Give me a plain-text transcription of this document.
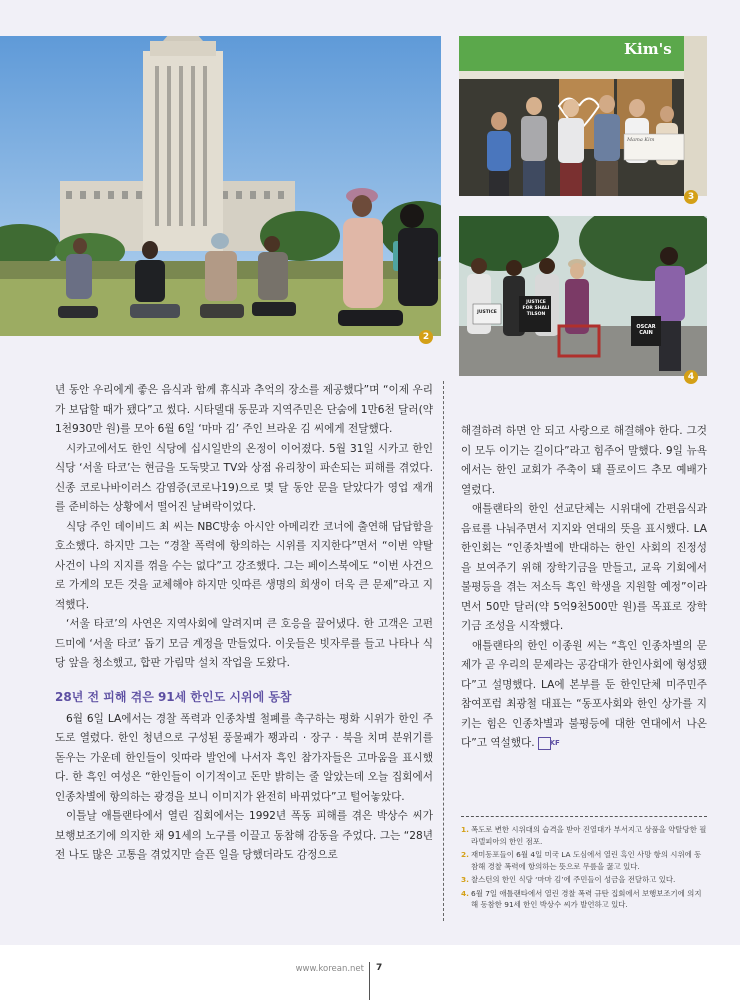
2
Kim's
Mama Kim
3
JUSTICE FOR SHALI TILSON
OSCAR CAIN
JUSTICE
4

년 동안 우리에게 좋은 음식과 함께 휴식과 추억의 장소를 제공했다”며 “이제 우리가 보답할 때가 됐다”고 썼다. 시타델대 동문과 지역주민은 단숨에 1만6천 달러(약 1천930만 원)를 모아 6월 6일 ‘마마 김’ 주인 브라운 김 씨에게 전달했다.

시카고에서도 한인 식당에 십시일반의 온정이 이어졌다. 5월 31일 시카고 한인 식당 ‘서울 타코’는 현금을 도둑맞고 TV와 상점 유리창이 파손되는 피해를 겪었다. 신종 코로나바이러스 감염증(코로나19)으로 몇 달 동안 문을 닫았다가 영업 재개를 준비하는 상황에서 떨어진 날벼락이었다.

식당 주인 데이비드 최 씨는 NBC방송 아시안 아메리칸 코너에 출연해 답답함을 호소했다. 하지만 그는 “경찰 폭력에 항의하는 시위를 지지한다”면서 “이번 약탈 사건이 나의 지지를 꺾을 수는 없다”고 강조했다. 그는 페이스북에도 “이번 사건으로 가게의 모든 것을 교체해야 하지만 잇따른 생명의 희생이 더욱 큰 문제”라고 지적했다.

‘서울 타코’의 사연은 지역사회에 알려지며 큰 호응을 끌어냈다. 한 고객은 고펀드미에 ‘서울 타코’ 돕기 모금 계정을 만들었다. 이웃들은 빗자루를 들고 나타나 식당 앞을 청소했고, 합판 가림막 설치 작업을 도왔다.

28년 전 피해 겪은 91세 한인도 시위에 동참

6월 6일 LA에서는 경찰 폭력과 인종차별 철폐를 촉구하는 평화 시위가 한인 주도로 열렸다. 한인 청년으로 구성된 풍물패가 꽹과리 · 장구 · 북을 치며 분위기를 돋우는 가운데 한인들이 잇따라 발언에 나서자 흑인 참가자들은 고마움을 표시했다. 한 흑인 여성은 “한인들이 이기적이고 돈만 밝히는 줄 알았는데 오늘 집회에서 인종차별에 항의하는 광경을 보니 이미지가 완전히 바뀌었다”고 털어놓았다.

이틀날 애틀랜타에서 열린 집회에서는 1992년 폭동 피해를 겪은 박상수 씨가 보행보조기에 의지한 채 91세의 노구를 이끌고 동참해 감동을 주었다. 그는 “28년 전 나도 많은 고통을 겪었지만 슬픈 일을 당했더라도 감정으로

해결하려 하면 안 되고 사랑으로 해결해야 한다. 그것이 모두 이기는 길이다”라고 힘주어 말했다. 9일 뉴욕에서는 한인 교회가 주축이 돼 플로이드 추모 예배가 열렸다.

애틀랜타의 한인 선교단체는 시위대에 간편음식과 음료를 나눠주면서 지지와 연대의 뜻을 표시했다. LA한인회는 “인종차별에 반대하는 한인 사회의 진정성을 보여주기 위해 장학기금을 만들고, 교육 기회에서 불평등을 겪는 저소득 흑인 학생을 지원할 예정”이라면서 50만 달러(약 5억9천500만 원)를 목표로 장학기금 조성을 시작했다.

애틀랜타의 한인 이종원 씨는 “흑인 인종차별의 문제가 곧 우리의 문제라는 공감대가 한인사회에 형성됐다”고 설명했다. LA에 본부를 둔 한인단체 미주민주참여포럼 최광철 대표는 “동포사회와 한인 상가를 지키는 힘은 인종차별과 불평등에 대한 연대에서 나온다”고 역설했다. KF

1. 폭도로 변한 시위대의 습격을 받아 진열대가 부서지고 상품을 약탈당한 필라델피아의 한인 점포.
2. 재미동포들이 6월 4일 미국 LA 도심에서 열린 흑인 사망 항의 시위에 동참해 경찰 폭력에 항의하는 뜻으로 무릎을 꿇고 있다.
3. 찰스턴의 한인 식당 ‘마마 김’에 주민들이 성금을 전달하고 있다.
4. 6월 7일 애틀랜타에서 열린 경찰 폭력 규탄 집회에서 보행보조기에 의지해 동참한 91세 한인 박상수 씨가 발언하고 있다.
www.korean.net 7
